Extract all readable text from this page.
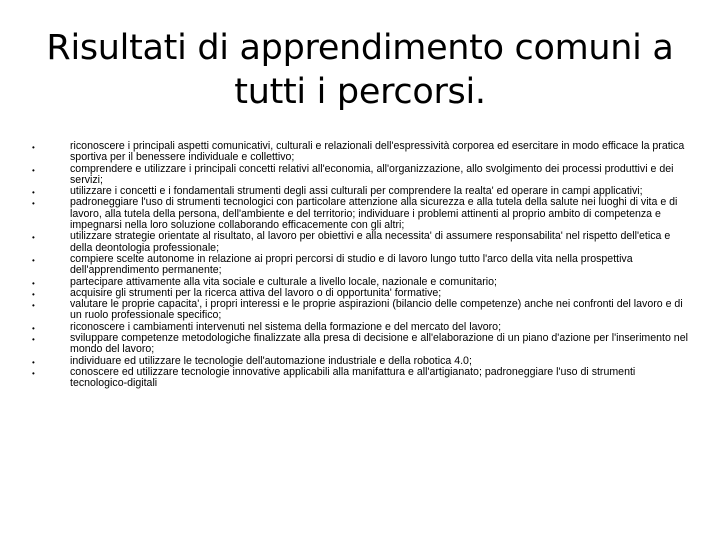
Risultati di apprendimento comuni a tutti i percorsi.
•	riconoscere i principali aspetti comunicativi, culturali e relazionali dell'espressività corporea ed esercitare in modo efficace la pratica sportiva per il benessere individuale e collettivo;
•	comprendere e utilizzare i principali concetti relativi all'economia, all'organizzazione, allo svolgimento dei processi produttivi e dei servizi;
•	utilizzare i concetti e i fondamentali strumenti degli assi culturali per comprendere la realta' ed operare in campi applicativi;
•	padroneggiare l'uso di strumenti tecnologici con particolare attenzione alla sicurezza e alla tutela della salute nei luoghi di vita e di lavoro, alla tutela della persona, dell'ambiente e del territorio; individuare i problemi attinenti al proprio ambito di competenza e impegnarsi nella loro soluzione collaborando efficacemente con gli altri;
•	utilizzare strategie orientate al risultato, al lavoro per obiettivi e alla necessita' di assumere responsabilita' nel rispetto dell'etica e della deontologia professionale;
•	compiere scelte autonome in relazione ai propri percorsi di studio e di lavoro lungo tutto l'arco della vita nella prospettiva dell'apprendimento permanente;
•	partecipare attivamente alla vita sociale e culturale a livello locale, nazionale e comunitario;
•	acquisire gli strumenti per la ricerca attiva del lavoro o di opportunita' formative;
•	valutare le proprie capacita', i propri interessi e le proprie aspirazioni (bilancio delle competenze) anche nei confronti del lavoro e di un ruolo professionale specifico;
•	riconoscere i cambiamenti intervenuti nel sistema della formazione e del mercato del lavoro;
•	sviluppare competenze metodologiche finalizzate alla presa di decisione e all'elaborazione di un piano d'azione per l'inserimento nel mondo del lavoro;
•	individuare ed utilizzare le tecnologie dell'automazione industriale e della robotica 4.0;
•	conoscere ed utilizzare tecnologie innovative applicabili alla manifattura e all'artigianato; padroneggiare l'uso di strumenti tecnologico-digitali
